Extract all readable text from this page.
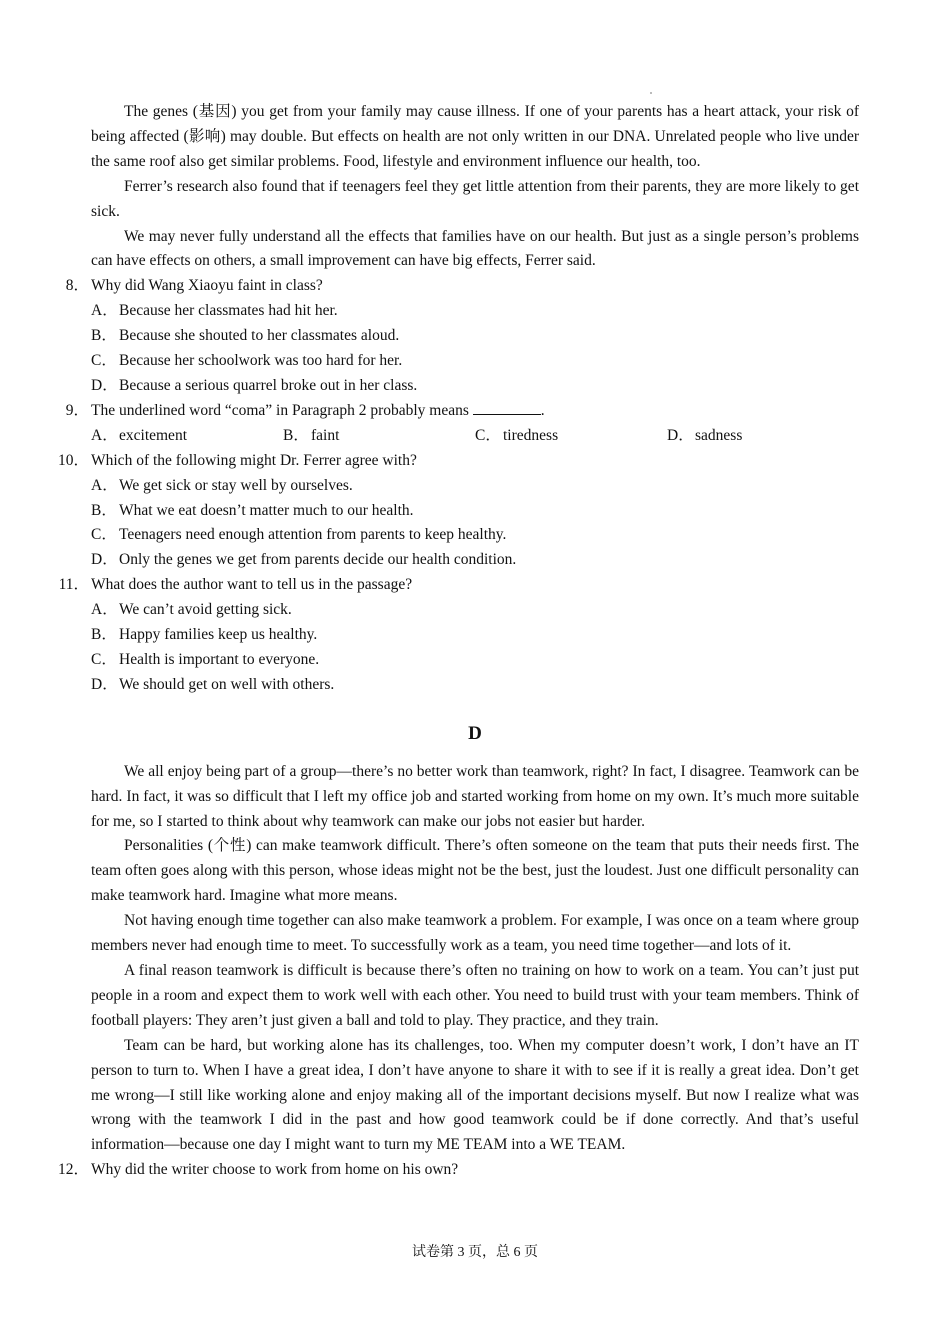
The genes (基因) you get from your family may cause illness. If one of your parents has a heart attack, your risk of being affected (影响) may double. But effects on health are not only written in our DNA. Unrelated people who live under the same roof also get similar problems. Food, lifestyle and environment influence our health, too.

Ferrer’s research also found that if teenagers feel they get little attention from their parents, they are more likely to get sick.

We may never fully understand all the effects that families have on our health. But just as a single person’s problems can have effects on others, a small improvement can have big effects, Ferrer said.

8． Why did Wang Xiaoyu faint in class?

A．Because her classmates had hit her.

B． Because she shouted to her classmates aloud.

C． Because her schoolwork was too hard for her.

D．Because a serious quarrel broke out in her class.

9． The underlined word “coma” in Paragraph 2 probably means	.

A．excitement	B． faint	C． tiredness	D．sadness

10． Which of the following might Dr. Ferrer agree with?

A．We get sick or stay well by ourselves.

B． What we eat doesn’t matter much to our health.

C． Teenagers need enough attention from parents to keep healthy.

D．Only the genes we get from parents decide our health condition.

11． What does the author want to tell us in the passage?

A．We can’t avoid getting sick.

B． Happy families keep us healthy.

C． Health is important to everyone.

D．We should get on well with others.

D

We all enjoy being part of a group—there’s no better work than teamwork, right? In fact, I disagree. Teamwork can be hard. In fact, it was so difficult that I left my office job and started working from home on my own. It’s much more suitable for me, so I started to think about why teamwork can make our jobs not easier but harder.

Personalities (个性) can make teamwork difficult. There’s often someone on the team that puts their needs first. The team often goes along with this person, whose ideas might not be the best, just the loudest. Just one difficult personality can make teamwork hard. Imagine what more means.

Not having enough time together can also make teamwork a problem. For example, I was once on a team where group members never had enough time to meet. To successfully work as a team, you need time together—and lots of it.

A final reason teamwork is difficult is because there’s often no training on how to work on a team. You can’t just put people in a room and expect them to work well with each other. You need to build trust with your team members. Think of football players: They aren’t just given a ball and told to play. They practice, and they train.

Team can be hard, but working alone has its challenges, too. When my computer doesn’t work, I don’t have an IT person to turn to. When I have a great idea, I don’t have anyone to share it with to see if it is really a great idea. Don’t get me wrong—I still like working alone and enjoy making all of the important decisions myself. But now I realize what was wrong with the teamwork I did in the past and how good teamwork could be if done correctly. And that’s useful information—because one day I might want to turn my ME TEAM into a WE TEAM.

12． Why did the writer choose to work from home on his own?

试卷第 3 页，总 6 页
